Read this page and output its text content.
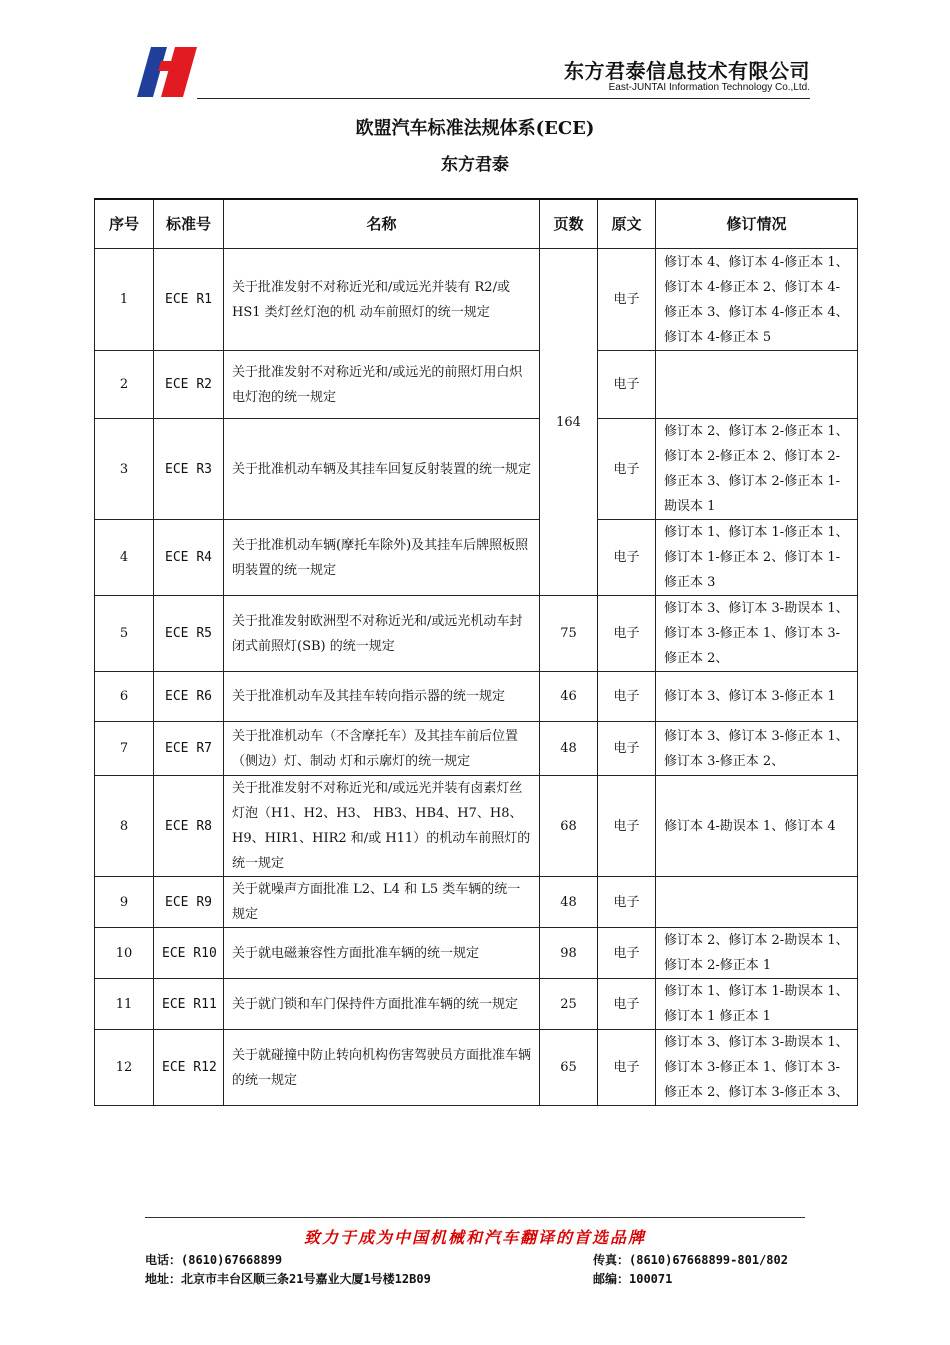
东方君泰信息技术有限公司
East-JUNTAI Information Technology Co.,Ltd.
欧盟汽车标准法规体系(ECE)
东方君泰
序号	标准号	名称	页数	原文	修订情况
1	ECE R1	关于批准发射不对称近光和/或远光并装有 R2/或 HS1 类灯丝灯泡的机 动车前照灯的统一规定	164	电子	修订本 4、修订本 4-修正本 1、修订本 4-修正本 2、修订本 4-修正本 3、修订本 4-修正本 4、修订本 4-修正本 5
2	ECE R2	关于批准发射不对称近光和/或远光的前照灯用白炽电灯泡的统一规定		电子	
3	ECE R3	关于批准机动车辆及其挂车回复反射装置的统一规定		电子	修订本 2、修订本 2-修正本 1、修订本 2-修正本 2、修订本 2-修正本 3、修订本 2-修正本 1-勘误本 1
4	ECE R4	关于批准机动车辆(摩托车除外)及其挂车后牌照板照明装置的统一规定		电子	修订本 1、修订本 1-修正本 1、修订本 1-修正本 2、修订本 1-修正本 3
5	ECE R5	关于批准发射欧洲型不对称近光和/或远光机动车封闭式前照灯(SB) 的统一规定	75	电子	修订本 3、修订本 3-勘误本 1、修订本 3-修正本 1、修订本 3-修正本 2、
6	ECE R6	关于批准机动车及其挂车转向指示器的统一规定	46	电子	修订本 3、修订本 3-修正本 1
7	ECE R7	关于批准机动车（不含摩托车）及其挂车前后位置（侧边）灯、制动 灯和示廓灯的统一规定	48	电子	修订本 3、修订本 3-修正本 1、修订本 3-修正本 2、
8	ECE R8	关于批准发射不对称近光和/或远光并装有卤素灯丝灯泡（H1、H2、H3、 HB3、HB4、H7、H8、H9、HIR1、HIR2 和/或 H11）的机动车前照灯的统一规定	68	电子	修订本 4-勘误本 1、修订本 4
9	ECE R9	关于就噪声方面批准 L2、L4 和 L5 类车辆的统一规定	48	电子	
10	ECE R10	关于就电磁兼容性方面批准车辆的统一规定	98	电子	修订本 2、修订本 2-勘误本 1、修订本 2-修正本 1
11	ECE R11	关于就门锁和车门保持件方面批准车辆的统一规定	25	电子	修订本 1、修订本 1-勘误本 1、修订本 1 修正本 1
12	ECE R12	关于就碰撞中防止转向机构伤害驾驶员方面批准车辆的统一规定	65	电子	修订本 3、修订本 3-勘误本 1、修订本 3-修正本 1、修订本 3-修正本 2、修订本 3-修正本 3、
致力于成为中国机械和汽车翻译的首选品牌
电话：(8610)67668899	传真：(8610)67668899-801/802
地址：北京市丰台区顺三条21号嘉业大厦1号楼12B09	邮编：100071
